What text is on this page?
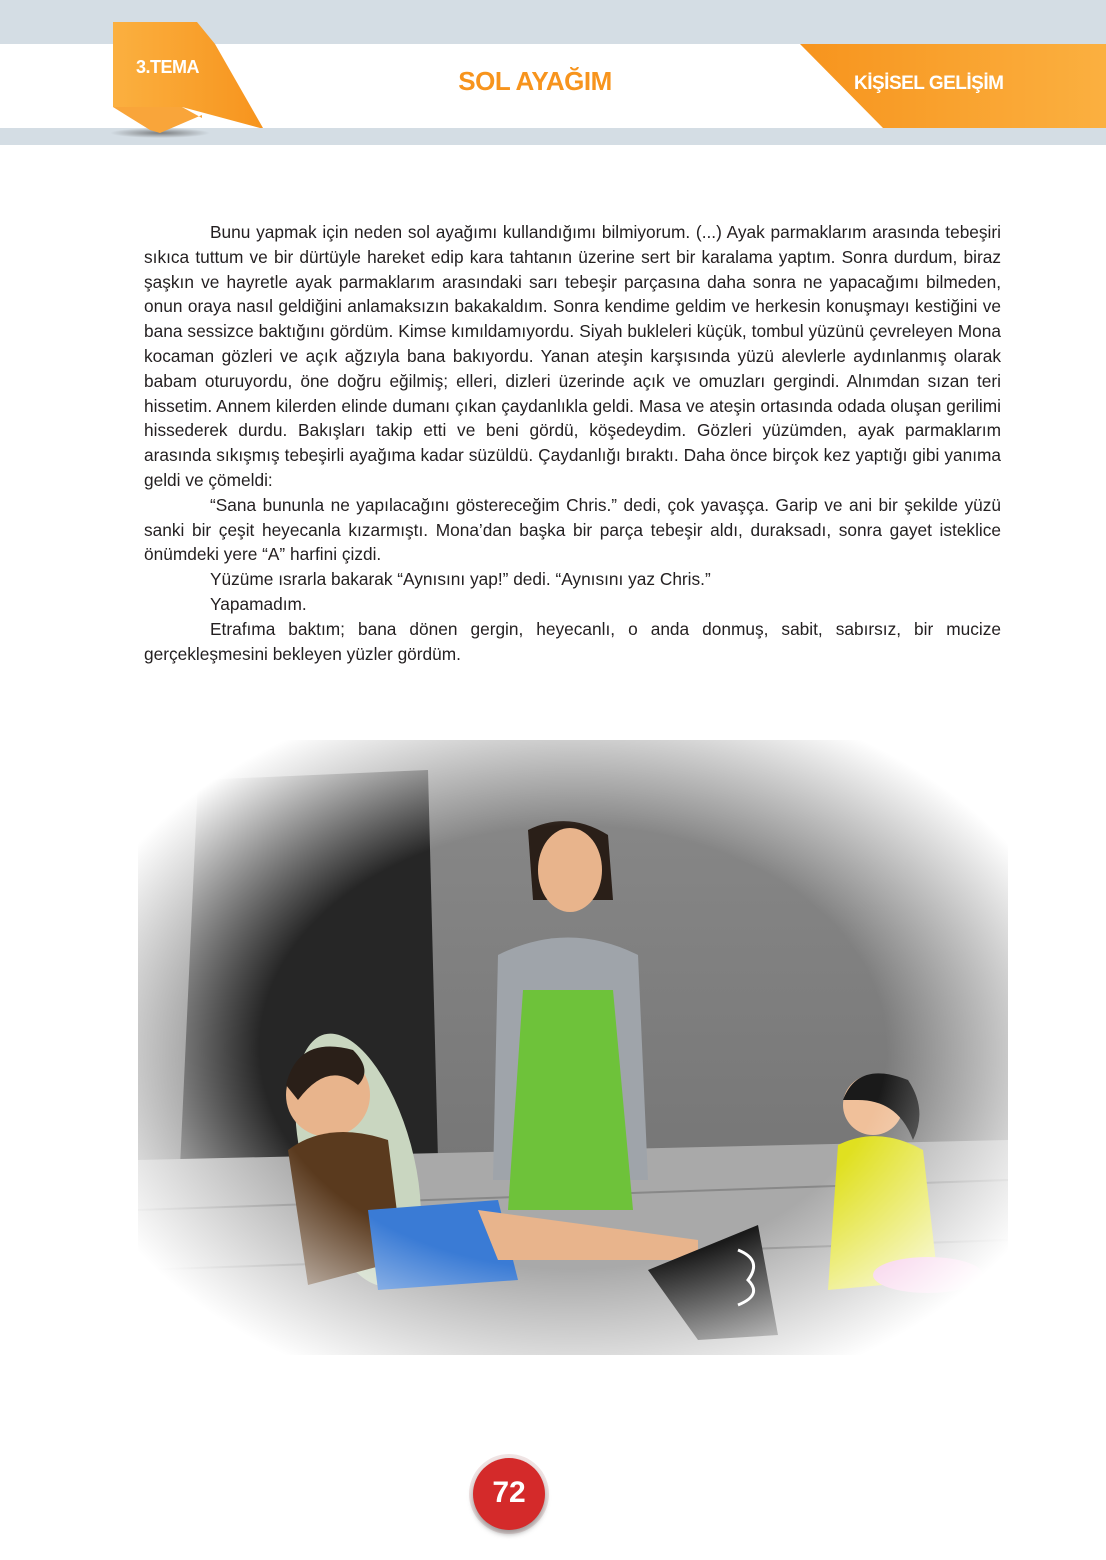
3.TEMA	SOL AYAĞIM	KİŞİSEL GELİŞİM

Bunu yapmak için neden sol ayağımı kullandığımı bilmiyorum. (...) Ayak parmaklarım arasında tebeşiri sıkıca tuttum ve bir dürtüyle hareket edip kara tahtanın üzerine sert bir karalama yaptım. Sonra durdum, biraz şaşkın ve hayretle ayak parmaklarım arasındaki sarı tebeşir parçasına daha sonra ne yapacağımı bilmeden, onun oraya nasıl geldiğini anlamaksızın bakakaldım. Sonra kendime geldim ve herkesin konuşmayı kestiğini ve bana sessizce baktığını gördüm. Kimse kımıldamıyordu. Siyah bukleleri küçük, tombul yüzünü çevreleyen Mona kocaman gözleri ve açık ağzıyla bana bakıyordu. Yanan ateşin karşısında yüzü alevlerle aydınlanmış olarak babam oturuyordu, öne doğru eğilmiş; elleri, dizleri üzerinde açık ve omuzları gergindi. Alnımdan sızan teri hissetim. Annem kilerden elinde dumanı çıkan çaydanlıkla geldi. Masa ve ateşin ortasında odada oluşan gerilimi hissederek durdu. Bakışları takip etti ve beni gördü, köşedeydim. Gözleri yüzümden, ayak parmaklarım arasında sıkışmış tebeşirli ayağıma kadar süzüldü. Çaydanlığı bıraktı. Daha önce birçok kez yaptığı gibi yanıma geldi ve çömeldi:

“Sana bununla ne yapılacağını göstereceğim Chris.” dedi, çok yavaşça. Garip ve ani bir şekilde yüzü sanki bir çeşit heyecanla kızarmıştı. Mona’dan başka bir parça tebeşir aldı, duraksadı, sonra gayet isteklice önümdeki yere “A” harfini çizdi.

Yüzüme ısrarla bakarak “Aynısını yap!” dedi. “Aynısını yaz Chris.”

Yapamadım.

Etrafıma baktım; bana dönen gergin, heyecanlı, o anda donmuş, sabit, sabırsız, bir mucize gerçekleşmesini bekleyen yüzler gördüm.

72
